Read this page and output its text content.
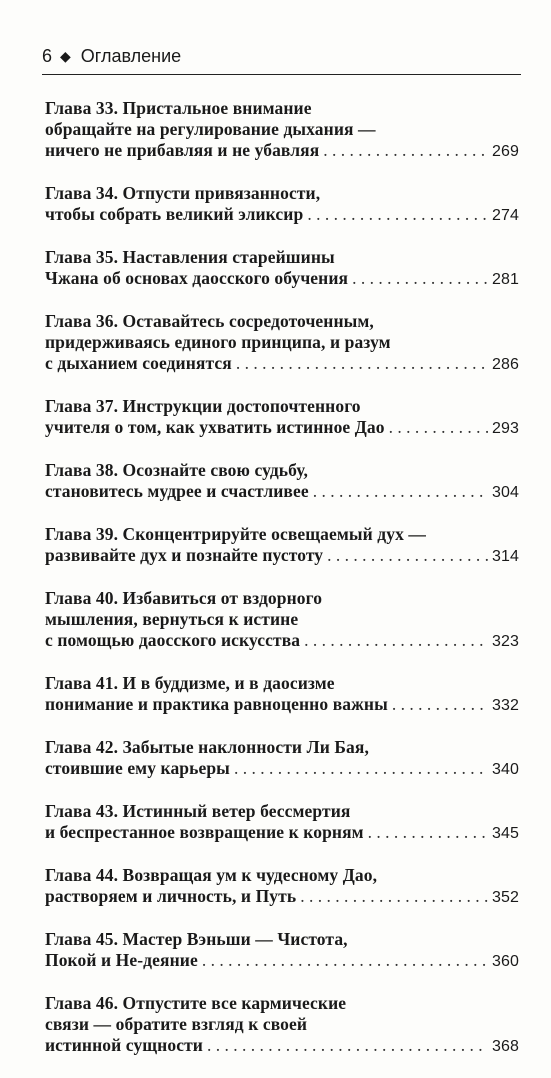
6 ◆ Оглавление
Глава 33. Пристальное внимание
обращайте на регулирование дыхания —
ничего не прибавляя и не убавляя . . .	269
Глава 34. Отпусти привязанности,
чтобы собрать великий эликсир . . .	274
Глава 35. Наставления старейшины
Чжана об основах даосского обучения . . .	281
Глава 36. Оставайтесь сосредоточенным,
придерживаясь единого принципа, и разум
с дыханием соединятся . . .	286
Глава 37. Инструкции достопочтенного
учителя о том, как ухватить истинное Дао . . .	293
Глава 38. Осознайте свою судьбу,
становитесь мудрее и счастливее . . .	304
Глава 39. Сконцентрируйте освещаемый дух —
развивайте дух и познайте пустоту . . .	314
Глава 40. Избавиться от вздорного
мышления, вернуться к истине
с помощью даосского искусства . . .	323
Глава 41. И в буддизме, и в даосизме
понимание и практика равноценно важны . . .	332
Глава 42. Забытые наклонности Ли Бая,
стоившие ему карьеры . . .	340
Глава 43. Истинный ветер бессмертия
и беспрестанное возвращение к корням . . .	345
Глава 44. Возвращая ум к чудесному Дао,
растворяем и личность, и Путь . . .	352
Глава 45. Мастер Вэньши — Чистота,
Покой и Не-деяние . . .	360
Глава 46. Отпустите все кармические
связи — обратите взгляд к своей
истинной сущности . . .	368
